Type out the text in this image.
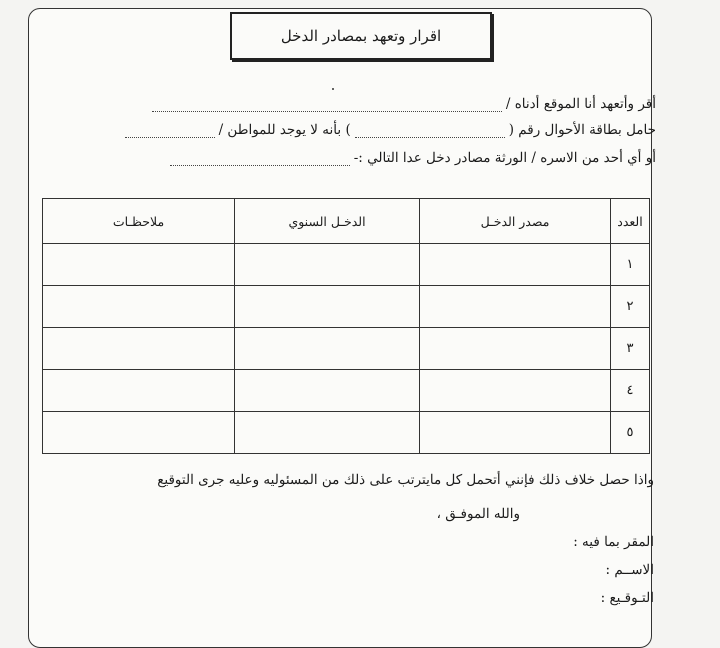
اقرار وتعهد بمصادر الدخل
أقر وأتعهد أنا الموقع أدناه /
حامل بطاقة الأحوال رقم (
) بأنه لا يوجد للمواطن /
أو أي أحد من الاسره / الورثة مصادر دخل عدا التالي :-
العدد	مصدر الدخـل	الدخـل السنوي	ملاحظـات
١			
٢			
٣			
٤			
٥			
واذا حصل خلاف ذلك فإنني أتحمل كل مايترتب على ذلك من المسئوليه وعليه جرى التوقيع
والله الموفـق ،
المقر بما فيه :
الاســم :
التـوقـيع :
